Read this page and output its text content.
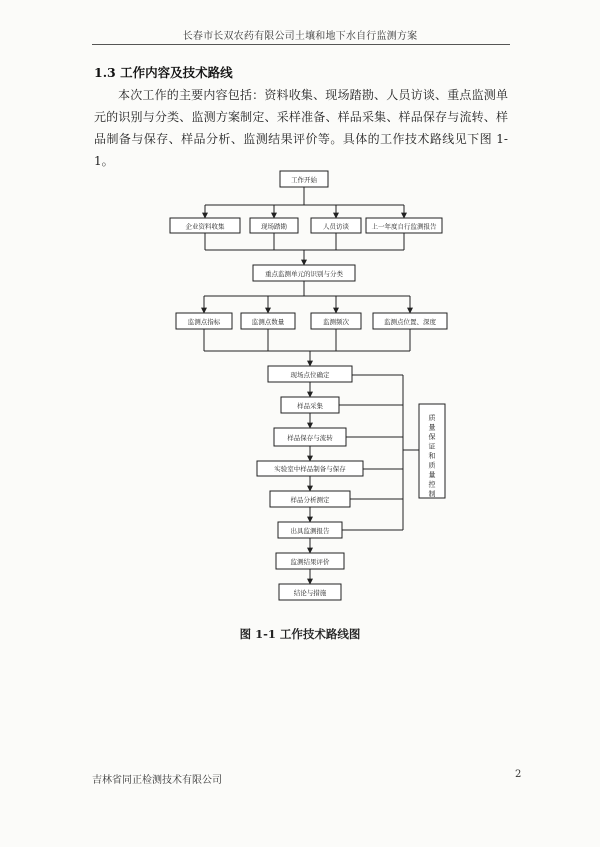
长春市长双农药有限公司土壤和地下水自行监测方案
1.3 工作内容及技术路线
本次工作的主要内容包括：资料收集、现场踏勘、人员访谈、重点监测单元的识别与分类、监测方案制定、采样准备、样品采集、样品保存与流转、样品制备与保存、样品分析、监测结果评价等。具体的工作技术路线见下图 1-1。
工作开始
企业资料收集	现场踏勘	人员访谈	上一年度自行监测报告
重点监测单元的识别与分类
监测点指标	监测点数量	监测频次	监测点位置、深度
现场点位确定
样品采集
样品保存与流转
实验室中样品制备与保存
样品分析测定
出具监测报告
监测结果评价
结论与措施
质量保证和质量控制
图 1-1 工作技术路线图
吉林省同正检测技术有限公司
2
